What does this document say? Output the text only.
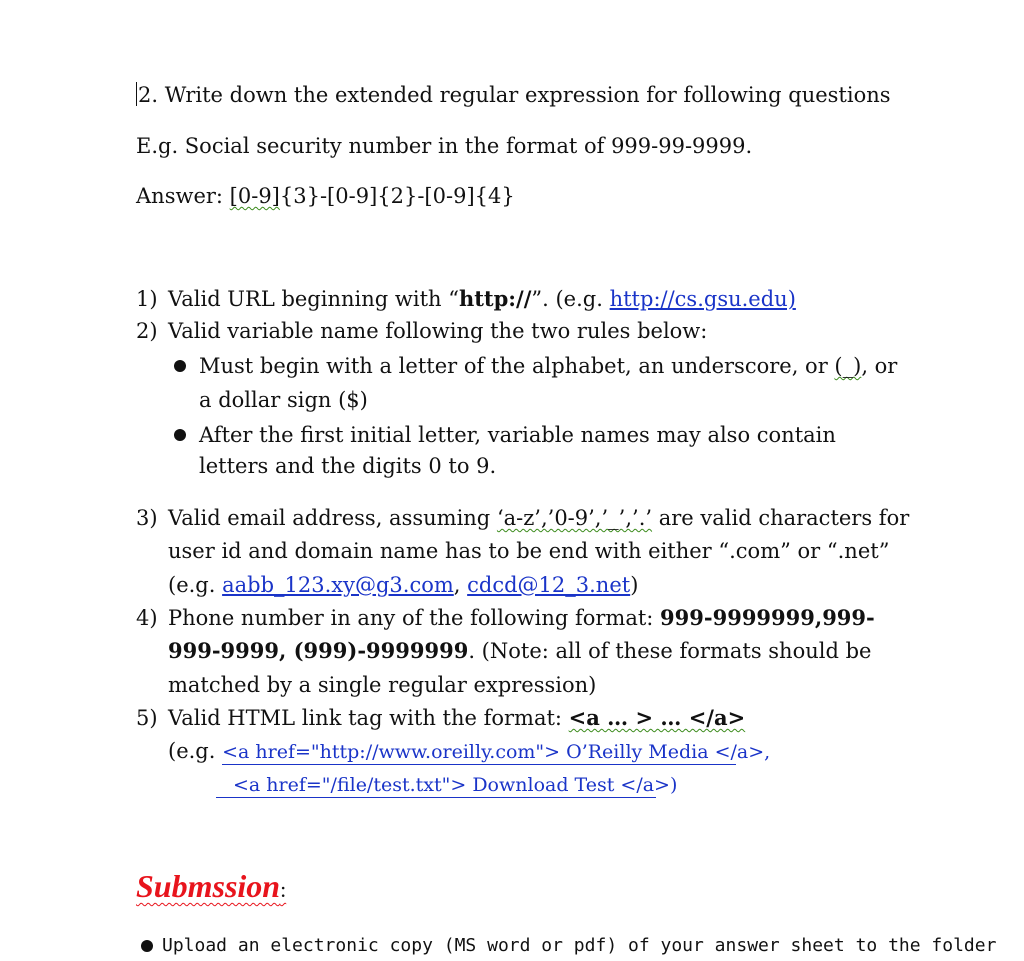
2. Write down the extended regular expression for following questions
E.g. Social security number in the format of 999-99-9999.
Answer: [0-9]{3}-[0-9]{2}-[0-9]{4}
1) Valid URL beginning with “http://”. (e.g. http://cs.gsu.edu)
2) Valid variable name following the two rules below:
Must begin with a letter of the alphabet, an underscore, or (_), or
a dollar sign ($)
After the first initial letter, variable names may also contain
letters and the digits 0 to 9.
3) Valid email address, assuming ‘a-z’,’0-9’,’_’,’.’ are valid characters for
user id and domain name has to be end with either “.com” or “.net”
(e.g. aabb_123.xy@g3.com, cdcd@12_3.net)
4) Phone number in any of the following format: 999-9999999,999-
999-9999, (999)-9999999. (Note: all of these formats should be
matched by a single regular expression)
5) Valid HTML link tag with the format: <a … > … </a>
(e.g. <a href="http://www.oreilly.com"> O’Reilly Media </a>,
<a href="/file/test.txt"> Download Test </a>)
Submssion:
Upload an electronic copy (MS word or pdf) of your answer sheet to the folder
